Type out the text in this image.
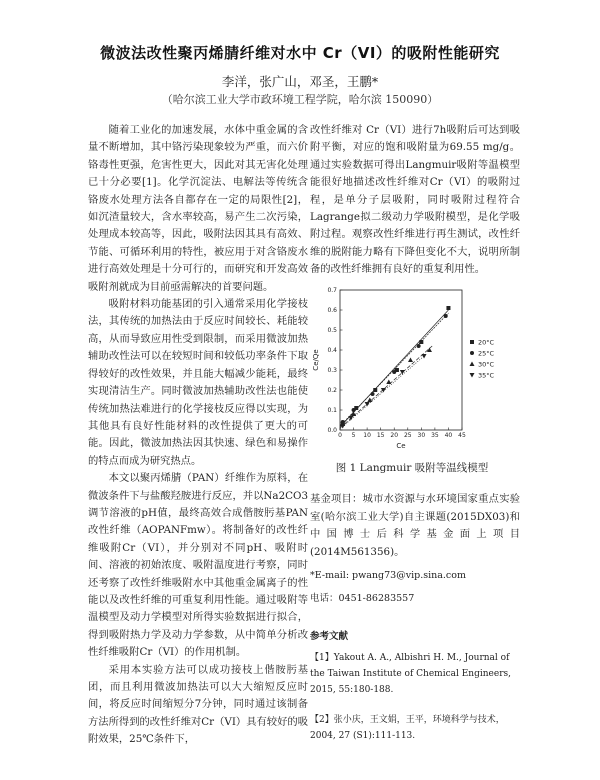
微波法改性聚丙烯腈纤维对水中 Cr（VI）的吸附性能研究
李洋，张广山，邓圣，王鹏*
（哈尔滨工业大学市政环境工程学院，哈尔滨 150090）

随着工业化的加速发展，水体中重金属的含量不断增加，其中铬污染现象较为严重，而六价铬毒性更强，危害性更大，因此对其无害化处理已十分必要[1]。化学沉淀法、电解法等传统含铬废水处理方法各自都存在一定的局限性[2]，如沉渣量较大，含水率较高，易产生二次污染，处理成本较高等，因此，吸附法因其具有高效、节能、可循环利用的特性，被应用于对含铬废水进行高效处理是十分可行的，而研究和开发高效吸附剂就成为目前亟需解决的首要问题。

吸附材料功能基团的引入通常采用化学接枝法，其传统的加热法由于反应时间较长、耗能较高，从而导致应用性受到限制，而采用微波加热辅助改性法可以在较短时间和较低功率条件下取得较好的改性效果，并且能大幅减少能耗，最终实现清洁生产。同时微波加热辅助改性法也能使传统加热法难进行的化学接枝反应得以实现，为其他具有良好性能材料的改性提供了更大的可能。因此，微波加热法因其快速、绿色和易操作的特点而成为研究热点。

本文以聚丙烯腈（PAN）纤维作为原料，在微波条件下与盐酸羟胺进行反应，并以Na2CO3调节溶液的pH值，最终高效合成偕胺肟基PAN改性纤维（AOPANFmw）。将制备好的改性纤维吸附Cr（VI），并分别对不同pH、吸附时间、溶液的初始浓度、吸附温度进行考察，同时还考察了改性纤维吸附水中其他重金属离子的性能以及改性纤维的可重复利用性能。通过吸附等温模型及动力学模型对所得实验数据进行拟合，得到吸附热力学及动力学参数，从中简单分析改性纤维吸附Cr（VI）的作用机制。

采用本实验方法可以成功接枝上偕胺肟基团，而且利用微波加热法可以大大缩短反应时间，将反应时间缩短分7分钟，同时通过该制备方法所得到的改性纤维对Cr（VI）具有较好的吸附效果，25℃条件下，

改性纤维对 Cr（VI）进行7h吸附后可达到吸附平衡，对应的饱和吸附量为69.55 mg/g。通过实验数据可得出Langmuir吸附等温模型能很好地描述改性纤维对Cr（VI）的吸附过程，是单分子层吸附，同时吸附过程符合Lagrange拟二级动力学吸附模型，是化学吸附过程。观察改性纤维进行再生测试，改性纤维的脱附能力略有下降但变化不大，说明所制备的改性纤维拥有良好的重复利用性。

0 5 10 15 20 25 30 35 40 45
0.0
0.1
0.2
0.3
0.4
0.5
0.6
0.7
Ce
Ce/Qe
20°C
25°C
30°C
35°C
图 1 Langmuir 吸附等温线模型
基金项目：城市水资源与水环境国家重点实验室(哈尔滨工业大学)自主课题(2015DX03)和中国博士后科学基金面上项目(2014M561356)。
*E-mail: pwang73@vip.sina.com
电话：0451-86283557
参考文献
【1】Yakout A. A., Albishri H. M., Journal of the Taiwan Institute of Chemical Engineers, 2015, 55:180-188.
【2】张小庆，王文娟，王平，环境科学与技术，2004, 27 (S1):111-113.
